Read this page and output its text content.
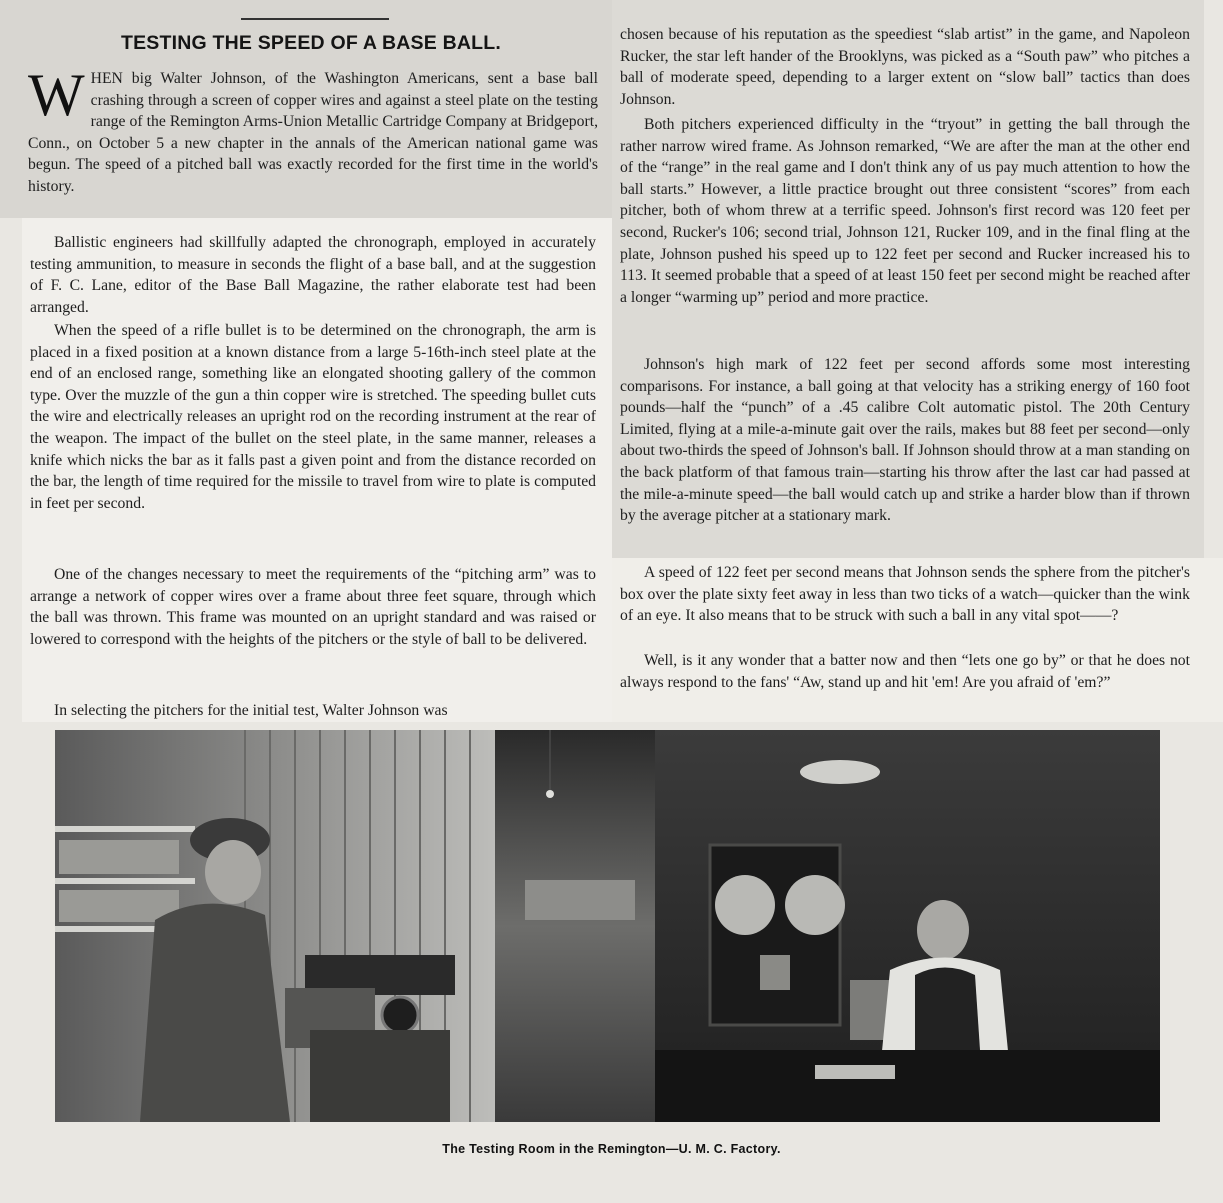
TESTING THE SPEED OF A BASE BALL.

WHEN big Walter Johnson, of the Washington Americans, sent a base ball crashing through a screen of copper wires and against a steel plate on the testing range of the Remington Arms-Union Metallic Cartridge Company at Bridgeport, Conn., on October 5 a new chapter in the annals of the American national game was begun. The speed of a pitched ball was exactly recorded for the first time in the world's history.

Ballistic engineers had skillfully adapted the chronograph, employed in accurately testing ammunition, to measure in seconds the flight of a base ball, and at the suggestion of F. C. Lane, editor of the Base Ball Magazine, the rather elaborate test had been arranged.

When the speed of a rifle bullet is to be determined on the chronograph, the arm is placed in a fixed position at a known distance from a large 5-16th-inch steel plate at the end of an enclosed range, something like an elongated shooting gallery of the common type. Over the muzzle of the gun a thin copper wire is stretched. The speeding bullet cuts the wire and electrically releases an upright rod on the recording instrument at the rear of the weapon. The impact of the bullet on the steel plate, in the same manner, releases a knife which nicks the bar as it falls past a given point and from the distance recorded on the bar, the length of time required for the missile to travel from wire to plate is computed in feet per second.

One of the changes necessary to meet the requirements of the “pitching arm” was to arrange a network of copper wires over a frame about three feet square, through which the ball was thrown. This frame was mounted on an upright standard and was raised or lowered to correspond with the heights of the pitchers or the style of ball to be delivered.

In selecting the pitchers for the initial test, Walter Johnson was

chosen because of his reputation as the speediest “slab artist” in the game, and Napoleon Rucker, the star left hander of the Brooklyns, was picked as a “South paw” who pitches a ball of moderate speed, depending to a larger extent on “slow ball” tactics than does Johnson.

Both pitchers experienced difficulty in the “tryout” in getting the ball through the rather narrow wired frame. As Johnson remarked, “We are after the man at the other end of the “range” in the real game and I don't think any of us pay much attention to how the ball starts.” However, a little practice brought out three consistent “scores” from each pitcher, both of whom threw at a terrific speed. Johnson's first record was 120 feet per second, Rucker's 106; second trial, Johnson 121, Rucker 109, and in the final fling at the plate, Johnson pushed his speed up to 122 feet per second and Rucker increased his to 113. It seemed probable that a speed of at least 150 feet per second might be reached after a longer “warming up” period and more practice.

Johnson's high mark of 122 feet per second affords some most interesting comparisons. For instance, a ball going at that velocity has a striking energy of 160 foot pounds—half the “punch” of a .45 calibre Colt automatic pistol. The 20th Century Limited, flying at a mile-a-minute gait over the rails, makes but 88 feet per second—only about two-thirds the speed of Johnson's ball. If Johnson should throw at a man standing on the back platform of that famous train—starting his throw after the last car had passed at the mile-a-minute speed—the ball would catch up and strike a harder blow than if thrown by the average pitcher at a stationary mark.

A speed of 122 feet per second means that Johnson sends the sphere from the pitcher's box over the plate sixty feet away in less than two ticks of a watch—quicker than the wink of an eye. It also means that to be struck with such a ball in any vital spot——?

Well, is it any wonder that a batter now and then “lets one go by” or that he does not always respond to the fans' “Aw, stand up and hit 'em! Are you afraid of 'em?”

The Testing Room in the Remington—U. M. C. Factory.
